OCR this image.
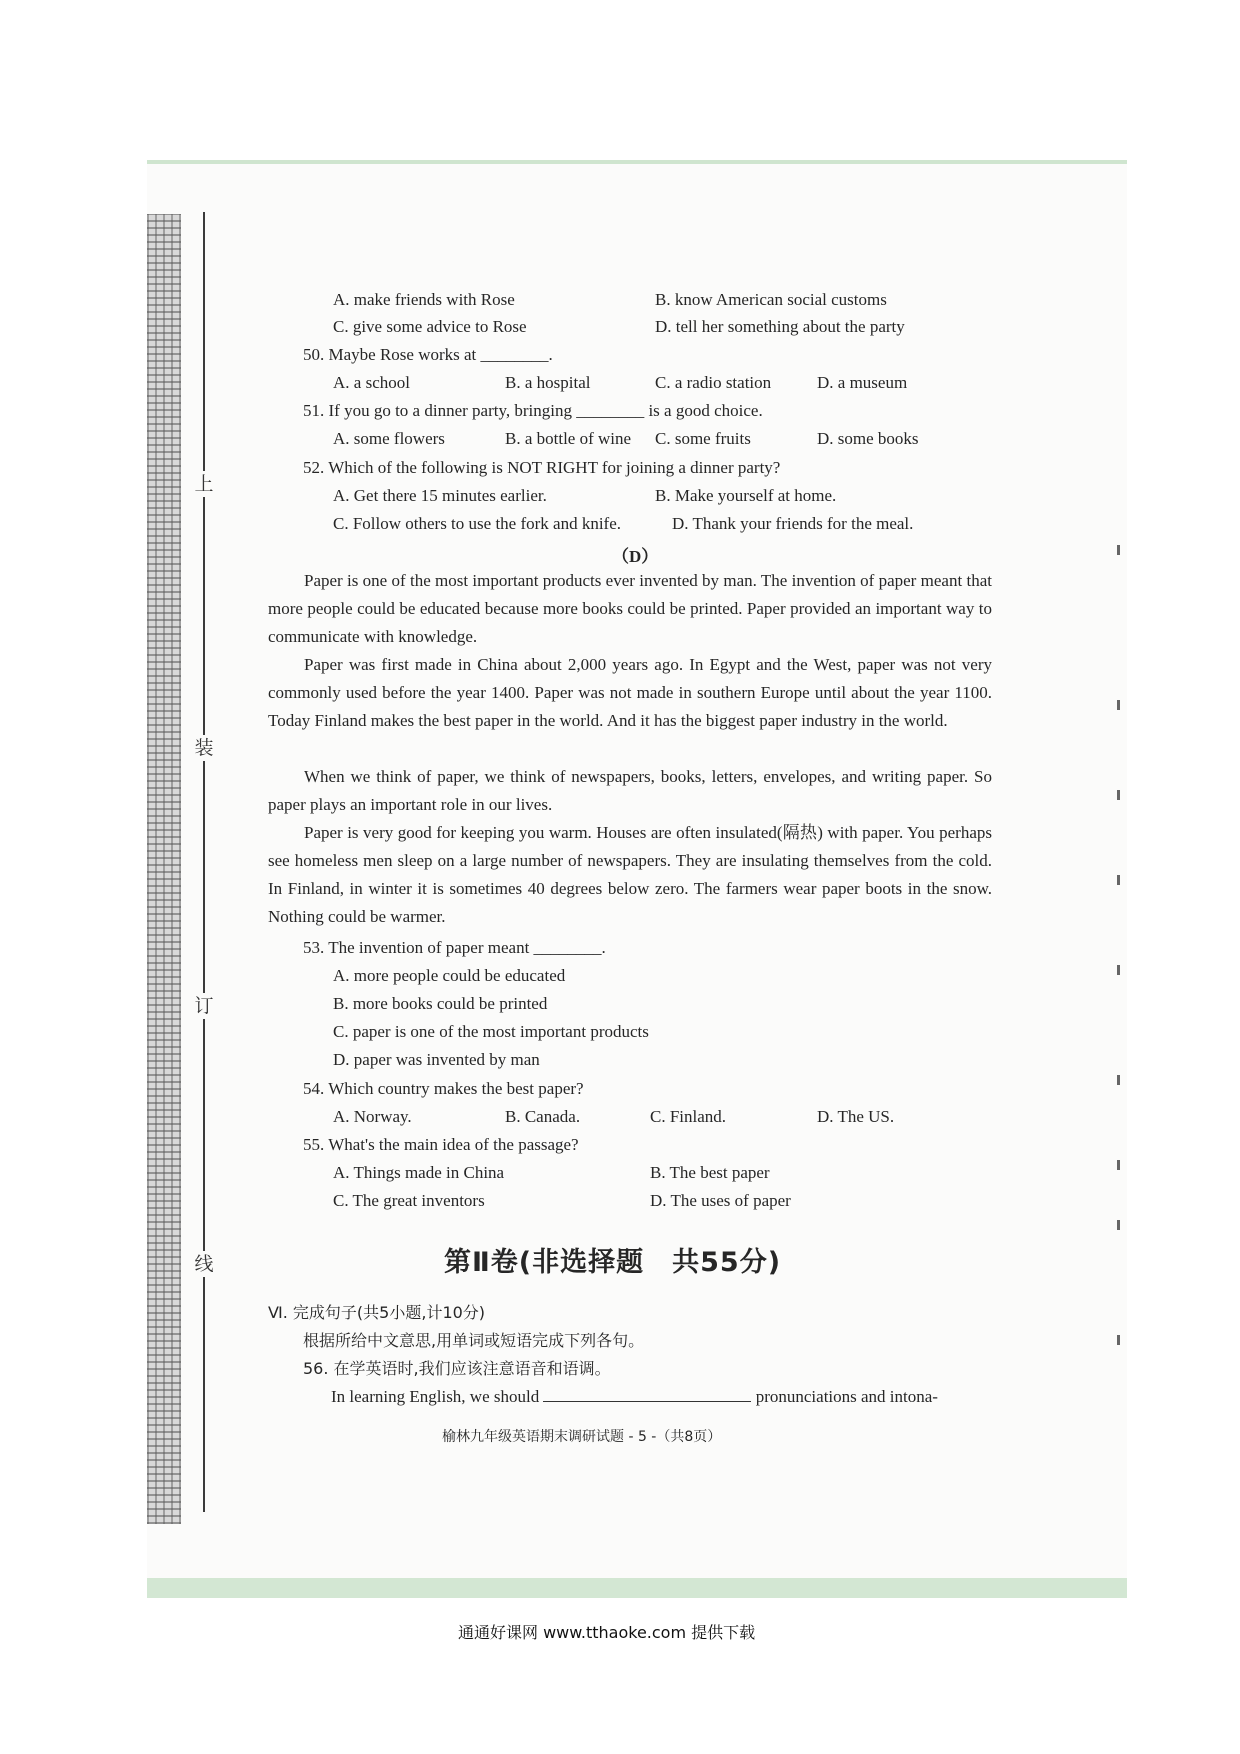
上
装
订
线
A. make friends with Rose	B. know American social customs
C. give some advice to Rose	D. tell her something about the party
50. Maybe Rose works at ________.
A. a school	B. a hospital	C. a radio station	D. a museum
51. If you go to a dinner party, bringing ________ is a good choice.
A. some flowers	B. a bottle of wine C. some fruits	D. some books
52. Which of the following is NOT RIGHT for joining a dinner party?
A. Get there 15 minutes earlier.	B. Make yourself at home.
C. Follow others to use the fork and knife.	D. Thank your friends for the meal.
（D）

Paper is one of the most important products ever invented by man. The invention of paper meant that more people could be educated because more books could be printed. Paper provided an important way to communicate with knowledge.

Paper was first made in China about 2,000 years ago. In Egypt and the West, paper was not very commonly used before the year 1400. Paper was not made in southern Europe until about the year 1100. Today Finland makes the best paper in the world. And it has the biggest paper industry in the world.

When we think of paper, we think of newspapers, books, letters, envelopes, and writing paper. So paper plays an important role in our lives.

Paper is very good for keeping you warm. Houses are often insulated(隔热) with paper. You perhaps see homeless men sleep on a large number of newspapers. They are insulating themselves from the cold. In Finland, in winter it is sometimes 40 degrees below zero. The farmers wear paper boots in the snow. Nothing could be warmer.

53. The invention of paper meant ________.
A. more people could be educated
B. more books could be printed
C. paper is one of the most important products
D. paper was invented by man
54. Which country makes the best paper?
A. Norway.	B. Canada.	C. Finland.	D. The US.
55. What's the main idea of the passage?
A. Things made in China	B. The best paper
C. The great inventors	D. The uses of paper
第Ⅱ卷(非选择题　共55分)
Ⅵ. 完成句子(共5小题,计10分)
根据所给中文意思,用单词或短语完成下列各句。
56. 在学英语时,我们应该注意语音和语调。
In learning English, we should	pronunciations and intona-
榆林九年级英语期末调研试题 - 5 -（共8页）
通通好课网 www.tthaoke.com 提供下载
